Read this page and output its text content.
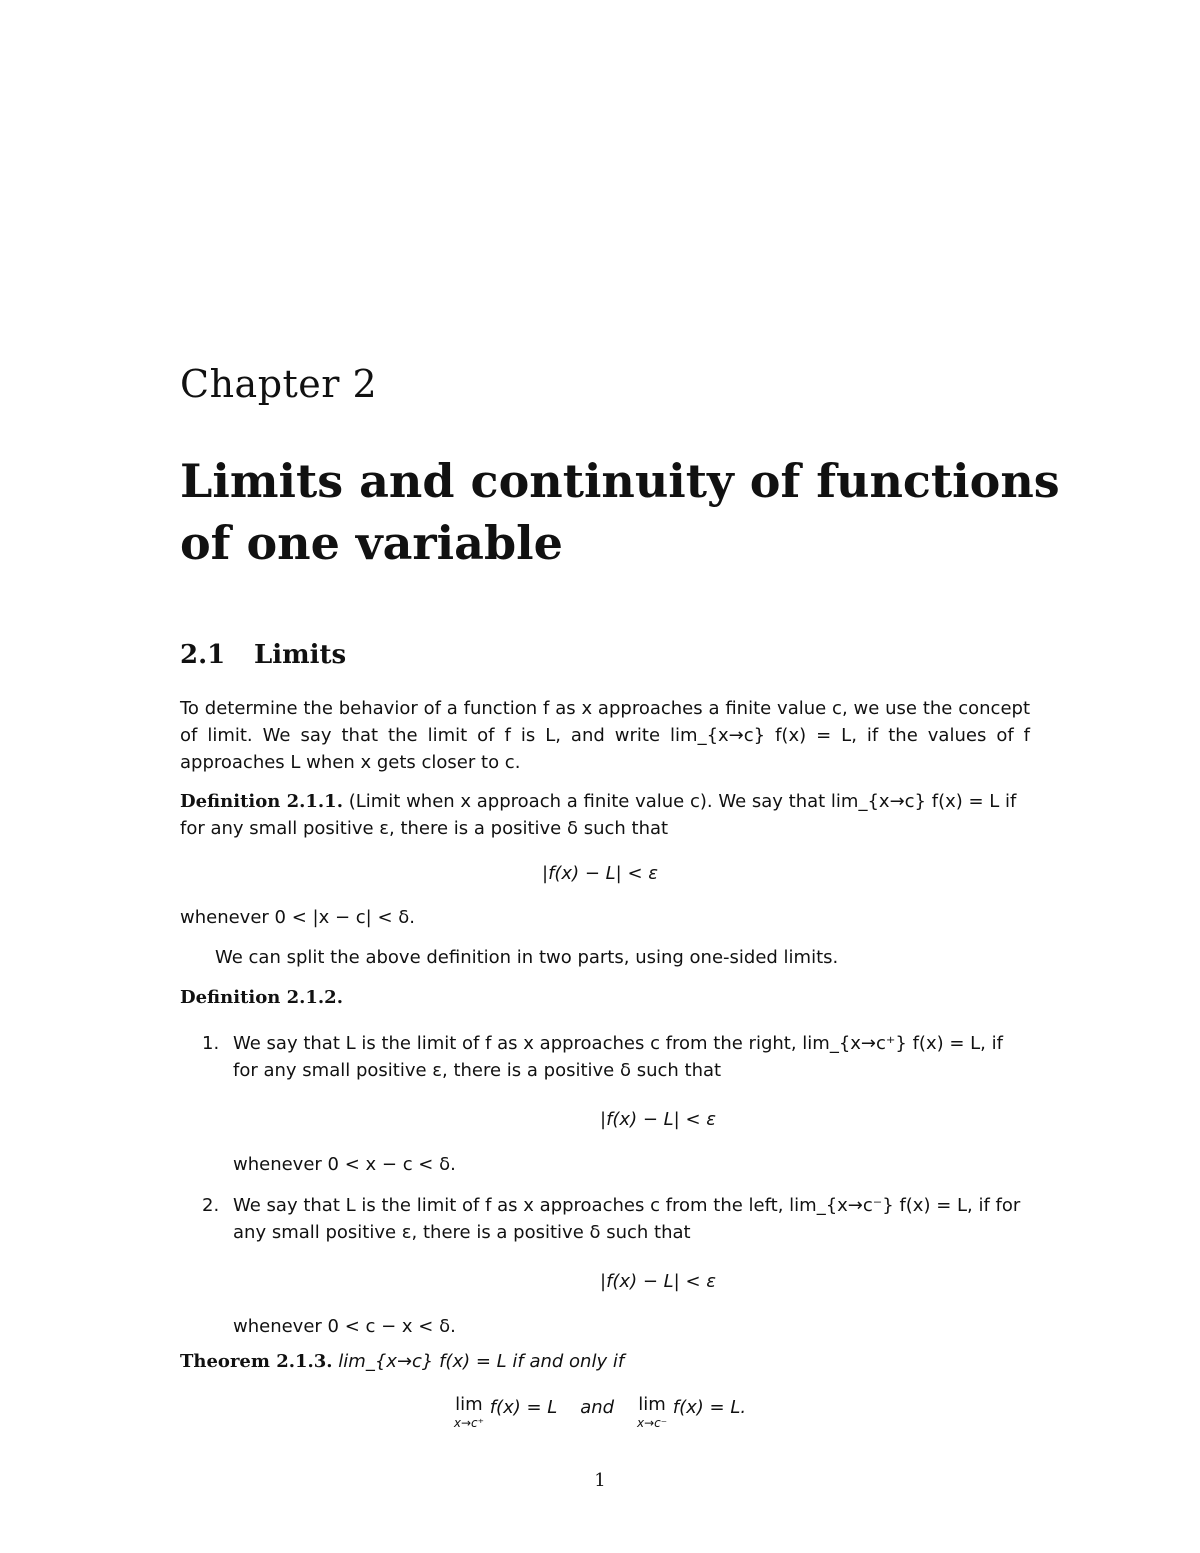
Chapter 2
Limits and continuity of functions of one variable
2.1 Limits

To determine the behavior of a function f as x approaches a finite value c, we use the concept of limit. We say that the limit of f is L, and write lim_{x→c} f(x) = L, if the values of f approaches L when x gets closer to c.

Definition 2.1.1. (Limit when x approach a finite value c). We say that lim_{x→c} f(x) = L if for any small positive ε, there is a positive δ such that

|f(x) − L| < ε

whenever 0 < |x − c| < δ.

We can split the above definition in two parts, using one-sided limits.

Definition 2.1.2.

1. We say that L is the limit of f as x approaches c from the right, lim_{x→c⁺} f(x) = L, if for any small positive ε, there is a positive δ such that
|f(x) − L| < ε
whenever 0 < x − c < δ.
2. We say that L is the limit of f as x approaches c from the left, lim_{x→c⁻} f(x) = L, if for any small positive ε, there is a positive δ such that
|f(x) − L| < ε
whenever 0 < c − x < δ.

Theorem 2.1.3. lim_{x→c} f(x) = L if and only if

lim
x→c⁺
f(x) = L and lim
x→c⁻
f(x) = L.
1
